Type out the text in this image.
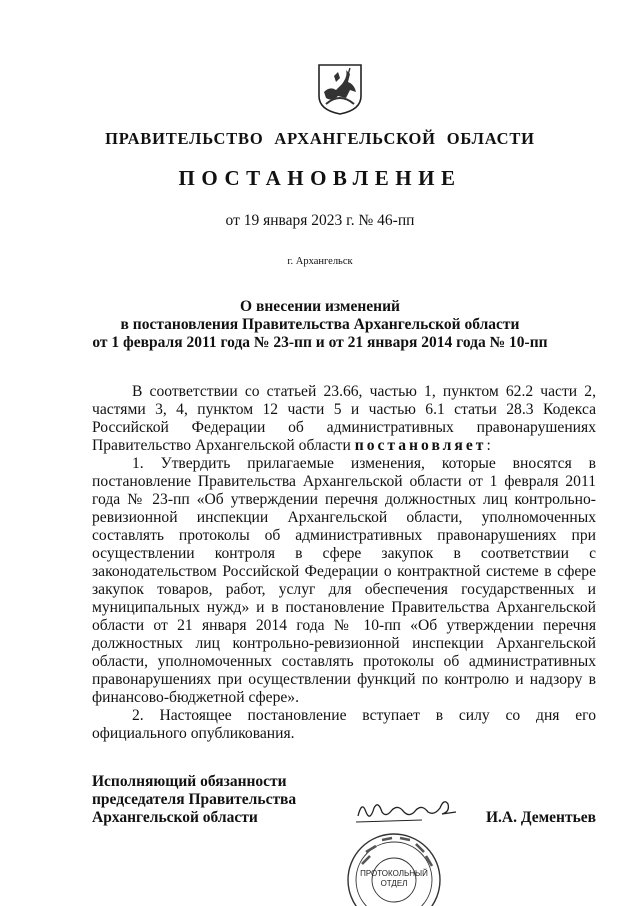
ПРАВИТЕЛЬСТВО АРХАНГЕЛЬСКОЙ ОБЛАСТИ
ПОСТАНОВЛЕНИЕ
от 19 января 2023 г. № 46-пп
г. Архангельск
О внесении изменений
в постановления Правительства Архангельской области
от 1 февраля 2011 года № 23-пп и от 21 января 2014 года № 10-пп

В соответствии со статьей 23.66, частью 1, пунктом 62.2 части 2, частями 3, 4, пунктом 12 части 5 и частью 6.1 статьи 28.3 Кодекса Российской Федерации об административных правонарушениях Правительство Архангельской области постановляет:

1. Утвердить прилагаемые изменения, которые вносятся в постановление Правительства Архангельской области от 1 февраля 2011 года № 23-пп «Об утверждении перечня должностных лиц контрольно-ревизионной инспекции Архангельской области, уполномоченных составлять протоколы об административных правонарушениях при осуществлении контроля в сфере закупок в соответствии с законодательством Российской Федерации о контрактной системе в сфере закупок товаров, работ, услуг для обеспечения государственных и муниципальных нужд» и в постановление Правительства Архангельской области от 21 января 2014 года № 10-пп «Об утверждении перечня должностных лиц контрольно-ревизионной инспекции Архангельской области, уполномоченных составлять протоколы об административных правонарушениях при осуществлении функций по контролю и надзору в финансово-бюджетной сфере».

2. Настоящее постановление вступает в силу со дня его официального опубликования.

Исполняющий обязанности
председателя Правительства
Архангельской области	И.А. Дементьев
ПРОТОКОЛЬНЫЙ
ОТДЕЛ
